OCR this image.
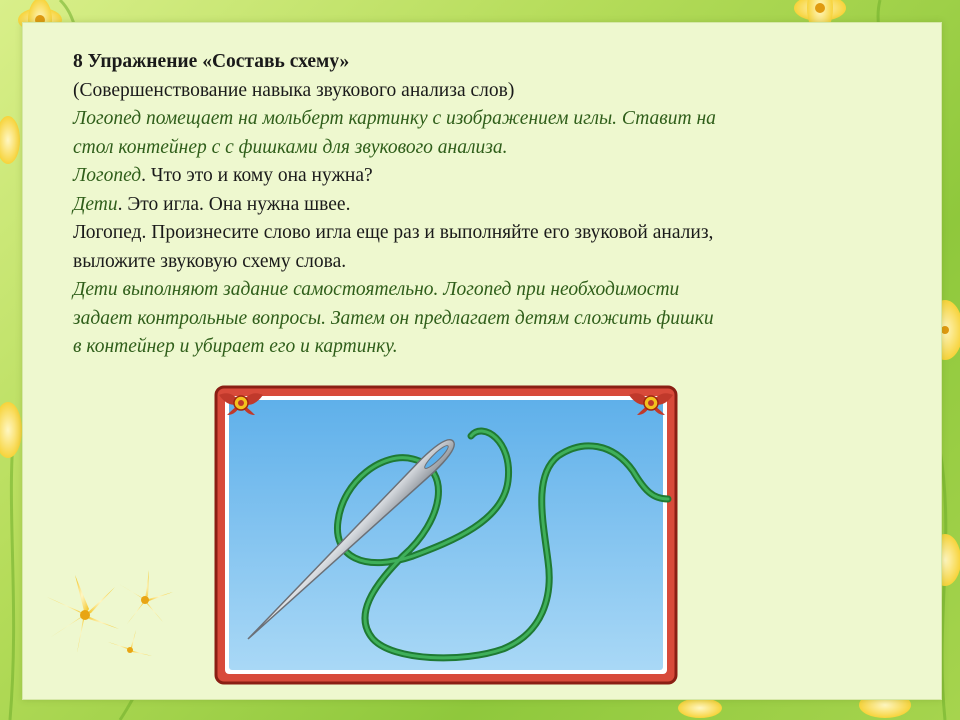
8 Упражнение «Составь схему»
(Совершенствование навыка звукового анализа слов)
Логопед помещает на мольберт картинку с изображением иглы. Ставит на
стол контейнер с с фишками для звукового анализа.
Логопед. Что это и кому она нужна?
Дети. Это игла. Она нужна швее.
Логопед. Произнесите слово игла еще раз и выполняйте его звуковой анализ,
выложите звуковую схему слова.
Дети выполняют задание самостоятельно. Логопед при необходимости
задает контрольные вопросы. Затем он предлагает детям сложить фишки
в контейнер и убирает его и картинку.
